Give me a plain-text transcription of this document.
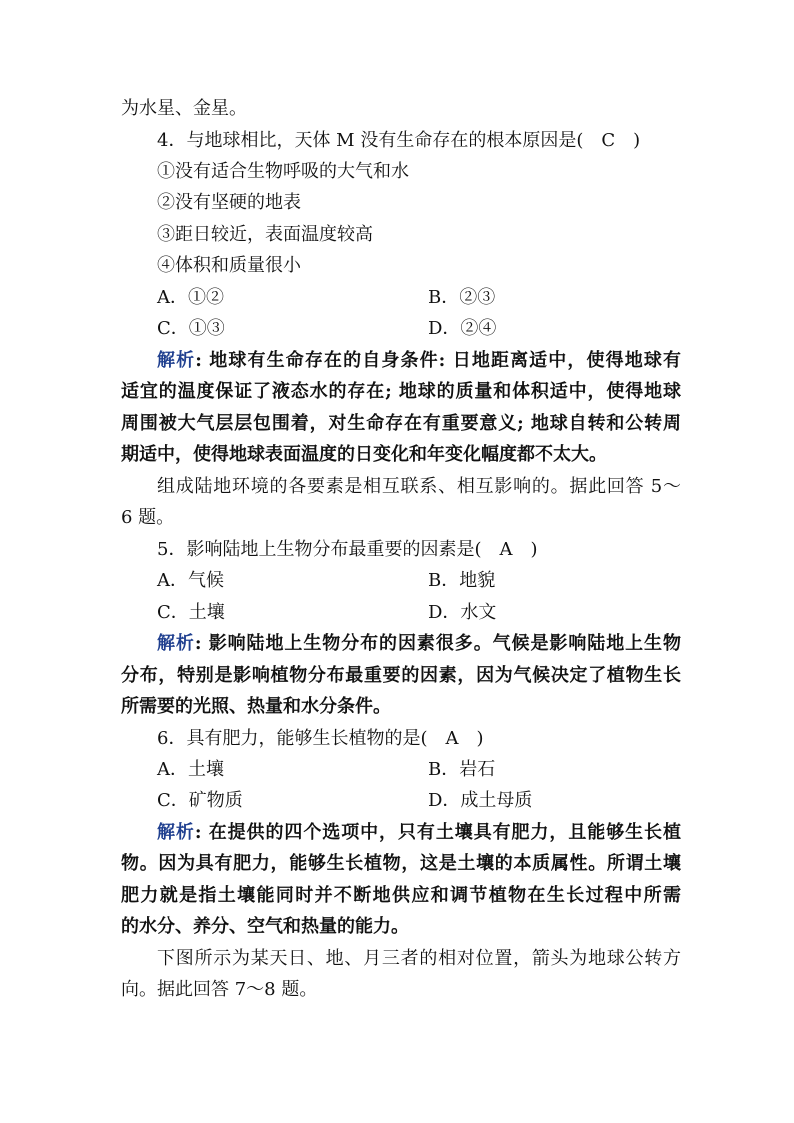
为水星、金星。
4．与地球相比，天体 M 没有生命存在的根本原因是(　C　)
①没有适合生物呼吸的大气和水
②没有坚硬的地表
③距日较近，表面温度较高
④体积和质量很小
A．①②	B．②③
C．①③	D．②④
解析: 地球有生命存在的自身条件: 日地距离适中，使得地球有
适宜的温度保证了液态水的存在; 地球的质量和体积适中，使得地球
周围被大气层层包围着，对生命存在有重要意义; 地球自转和公转周
期适中，使得地球表面温度的日变化和年变化幅度都不太大。
组成陆地环境的各要素是相互联系、相互影响的。据此回答 5～
6 题。
5．影响陆地上生物分布最重要的因素是(　A　)
A．气候	B．地貌
C．土壤	D．水文
解析: 影响陆地上生物分布的因素很多。气候是影响陆地上生物
分布，特别是影响植物分布最重要的因素，因为气候决定了植物生长
所需要的光照、热量和水分条件。
6．具有肥力，能够生长植物的是(　A　)
A．土壤	B．岩石
C．矿物质	D．成土母质
解析: 在提供的四个选项中，只有土壤具有肥力，且能够生长植
物。因为具有肥力，能够生长植物，这是土壤的本质属性。所谓土壤
肥力就是指土壤能同时并不断地供应和调节植物在生长过程中所需
的水分、养分、空气和热量的能力。
下图所示为某天日、地、月三者的相对位置，箭头为地球公转方
向。据此回答 7～8 题。
